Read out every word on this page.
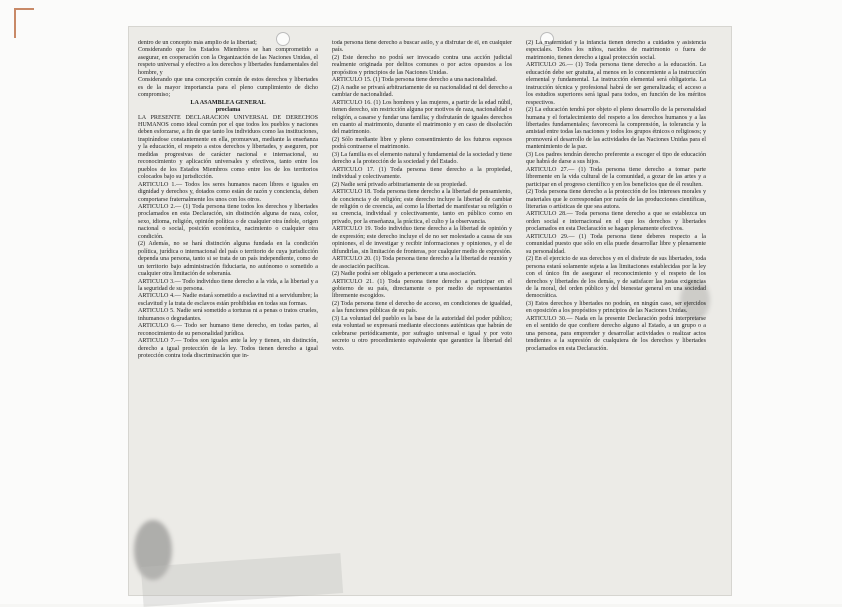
dentro de un concepto más amplio de la libertad;

Considerando que los Estados Miembros se han comprometido a asegurar, en cooperación con la Organización de las Naciones Unidas, el respeto universal y efectivo a los derechos y libertades fundamentales del hombre, y

Considerando que una concepción común de estos derechos y libertades es de la mayor importancia para el pleno cumplimiento de dicho compromiso;

LA ASAMBLEA GENERAL

proclama

LA PRESENTE DECLARACION UNIVERSAL DE DERECHOS HUMANOS como ideal común por el que todos los pueblos y naciones deben esforzarse, a fin de que tanto los individuos como las instituciones, inspirándose constantemente en ella, promuevan, mediante la enseñanza y la educación, el respeto a estos derechos y libertades, y aseguren, por medidas progresivas de carácter nacional e internacional, su reconocimiento y aplicación universales y efectivos, tanto entre los pueblos de los Estados Miembros como entre los de los territorios colocados bajo su jurisdicción.

ARTICULO 1.— Todos los seres humanos nacen libres e iguales en dignidad y derechos y, dotados como están de razón y conciencia, deben comportarse fraternalmente los unos con los otros.

ARTICULO 2.— (1) Toda persona tiene todos los derechos y libertades proclamados en esta Declaración, sin distinción alguna de raza, color, sexo, idioma, religión, opinión política o de cualquier otra índole, origen nacional o social, posición económica, nacimiento o cualquier otra condición.

(2) Además, no se hará distinción alguna fundada en la condición política, jurídica o internacional del país o territorio de cuya jurisdicción dependa una persona, tanto si se trata de un país independiente, como de un territorio bajo administración fiduciaria, no autónomo o sometido a cualquier otra limitación de soberanía.

ARTICULO 3.— Todo individuo tiene derecho a la vida, a la libertad y a la seguridad de su persona.

ARTICULO 4.— Nadie estará sometido a esclavitud ni a servidumbre; la esclavitud y la trata de esclavos están prohibidas en todas sus formas.

ARTICULO 5. Nadie será sometido a torturas ni a penas o tratos crueles, inhumanos o degradantes.

ARTICULO 6.— Todo ser humano tiene derecho, en todas partes, al reconocimiento de su personalidad jurídica.

ARTICULO 7.— Todos son iguales ante la ley y tienen, sin distinción, derecho a igual protección de la ley. Todos tienen derecho a igual protección contra toda discriminación que in-

toda persona tiene derecho a buscar asilo, y a disfrutar de él, en cualquier país.

(2) Este derecho no podrá ser invocado contra una acción judicial realmente originada por delitos comunes o por actos opuestos a los propósitos y principios de las Naciones Unidas.

ARTICULO 15. (1) Toda persona tiene derecho a una nacionalidad.

(2) A nadie se privará arbitrariamente de su nacionalidad ni del derecho a cambiar de nacionalidad.

ARTICULO 16. (1) Los hombres y las mujeres, a partir de la edad núbil, tienen derecho, sin restricción alguna por motivos de raza, nacionalidad o religión, a casarse y fundar una familia; y disfrutarán de iguales derechos en cuanto al matrimonio, durante el matrimonio y en caso de disolución del matrimonio.

(2) Sólo mediante libre y pleno consentimiento de los futuros esposos podrá contraerse el matrimonio.

(3) La familia es el elemento natural y fundamental de la sociedad y tiene derecho a la protección de la sociedad y del Estado.

ARTICULO 17. (1) Toda persona tiene derecho a la propiedad, individual y colectivamente.

(2) Nadie será privado arbitrariamente de su propiedad.

ARTICULO 18. Toda persona tiene derecho a la libertad de pensamiento, de conciencia y de religión; este derecho incluye la libertad de cambiar de religión o de creencia, así como la libertad de manifestar su religión o su creencia, individual y colectivamente, tanto en público como en privado, por la enseñanza, la práctica, el culto y la observancia.

ARTICULO 19. Todo individuo tiene derecho a la libertad de opinión y de expresión; este derecho incluye el de no ser molestado a causa de sus opiniones, el de investigar y recibir informaciones y opiniones, y el de difundirlas, sin limitación de fronteras, por cualquier medio de expresión.

ARTICULO 20. (1) Toda persona tiene derecho a la libertad de reunión y de asociación pacíficas.

(2) Nadie podrá ser obligado a pertenecer a una asociación.

ARTICULO 21. (1) Toda persona tiene derecho a participar en el gobierno de su país, directamente o por medio de representantes libremente escogidos.

(2) Toda persona tiene el derecho de acceso, en condiciones de igualdad, a las funciones públicas de su país.

(3) La voluntad del pueblo es la base de la autoridad del poder público; esta voluntad se expresará mediante elecciones auténticas que habrán de celebrarse periódicamente, por sufragio universal e igual y por voto secreto u otro procedimiento equivalente que garantice la libertad del voto.

(2) La maternidad y la infancia tienen derecho a cuidados y asistencia especiales. Todos los niños, nacidos de matrimonio o fuera de matrimonio, tienen derecho a igual protección social.

ARTICULO 26.— (1) Toda persona tiene derecho a la educación. La educación debe ser gratuita, al menos en lo concerniente a la instrucción elemental y fundamental. La instrucción elemental será obligatoria. La instrucción técnica y profesional habrá de ser generalizada; el acceso a los estudios superiores será igual para todos, en función de los méritos respectivos.

(2) La educación tendrá por objeto el pleno desarrollo de la personalidad humana y el fortalecimiento del respeto a los derechos humanos y a las libertades fundamentales; favorecerá la comprensión, la tolerancia y la amistad entre todas las naciones y todos los grupos étnicos o religiosos; y promoverá el desarrollo de las actividades de las Naciones Unidas para el mantenimiento de la paz.

(3) Los padres tendrán derecho preferente a escoger el tipo de educación que habrá de darse a sus hijos.

ARTICULO 27.— (1) Toda persona tiene derecho a tomar parte libremente en la vida cultural de la comunidad, a gozar de las artes y a participar en el progreso científico y en los beneficios que de él resulten.

(2) Toda persona tiene derecho a la protección de los intereses morales y materiales que le correspondan por razón de las producciones científicas, literarias o artísticas de que sea autora.

ARTICULO 28.— Toda persona tiene derecho a que se establezca un orden social e internacional en el que los derechos y libertades proclamados en esta Declaración se hagan plenamente efectivos.

ARTICULO 29.— (1) Toda persona tiene deberes respecto a la comunidad puesto que sólo en ella puede desarrollar libre y plenamente su personalidad.

(2) En el ejercicio de sus derechos y en el disfrute de sus libertades, toda persona estará solamente sujeta a las limitaciones establecidas por la ley con el único fin de asegurar el reconocimiento y el respeto de los derechos y libertades de los demás, y de satisfacer las justas exigencias de la moral, del orden público y del bienestar general en una sociedad democrática.

(3) Estos derechos y libertades no podrán, en ningún caso, ser ejercidos en oposición a los propósitos y principios de las Naciones Unidas.

ARTICULO 30.— Nada en la presente Declaración podrá interpretarse en el sentido de que confiere derecho alguno al Estado, a un grupo o a una persona, para emprender y desarrollar actividades o realizar actos tendientes a la supresión de cualquiera de los derechos y libertades proclamados en esta Declaración.
